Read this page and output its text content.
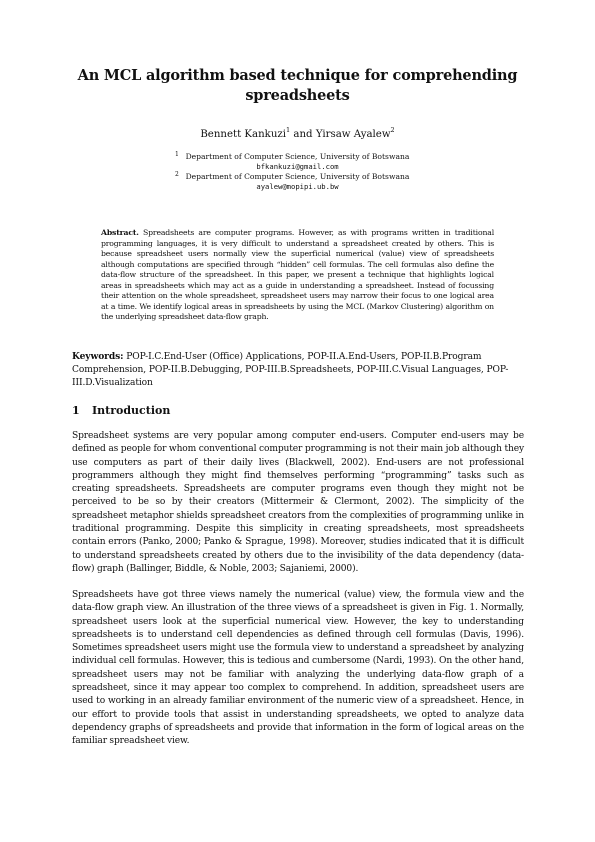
An MCL algorithm based technique for comprehending spreadsheets
Bennett Kankuzi$^1$ and Yirsaw Ayalew$^2$
1 Department of Computer Science, University of Botswana
bfkankuzi@gmail.com
2 Department of Computer Science, University of Botswana
ayalew@mopipi.ub.bw
Abstract. Spreadsheets are computer programs. However, as with programs written in traditional programming languages, it is very difficult to understand a spreadsheet created by others. This is because spreadsheet users normally view the superficial numerical (value) view of spreadsheets although computations are specified through “hidden” cell formulas. The cell formulas also define the data-flow structure of the spreadsheet. In this paper, we present a technique that highlights logical areas in spreadsheets which may act as a guide in understanding a spreadsheet. Instead of focussing their attention on the whole spreadsheet, spreadsheet users may narrow their focus to one logical area at a time. We identify logical areas in spreadsheets by using the MCL (Markov Clustering) algorithm on the underlying spreadsheet data-flow graph.
Keywords: POP-I.C.End-User (Office) Applications, POP-II.A.End-Users, POP-II.B.Program Comprehension, POP-II.B.Debugging, POP-III.B.Spreadsheets, POP-III.C.Visual Languages, POP-III.D.Visualization
1 Introduction
Spreadsheet systems are very popular among computer end-users. Computer end-users may be defined as people for whom conventional computer programming is not their main job although they use computers as part of their daily lives (Blackwell, 2002). End-users are not professional programmers although they might find themselves performing “programming” tasks such as creating spreadsheets. Spreadsheets are computer programs even though they might not be perceived to be so by their creators (Mittermeir & Clermont, 2002). The simplicity of the spreadsheet metaphor shields spreadsheet creators from the complexities of programming unlike in traditional programming. Despite this simplicity in creating spreadsheets, most spreadsheets contain errors (Panko, 2000; Panko & Sprague, 1998). Moreover, studies indicated that it is difficult to understand spreadsheets created by others due to the invisibility of the data dependency (data-flow) graph (Ballinger, Biddle, & Noble, 2003; Sajaniemi, 2000).
Spreadsheets have got three views namely the numerical (value) view, the formula view and the data-flow graph view. An illustration of the three views of a spreadsheet is given in Fig. 1. Normally, spreadsheet users look at the superficial numerical view. However, the key to understanding spreadsheets is to understand cell dependencies as defined through cell formulas (Davis, 1996). Sometimes spreadsheet users might use the formula view to understand a spreadsheet by analyzing individual cell formulas. However, this is tedious and cumbersome (Nardi, 1993). On the other hand, spreadsheet users may not be familiar with analyzing the underlying data-flow graph of a spreadsheet, since it may appear too complex to comprehend. In addition, spreadsheet users are used to working in an already familiar environment of the numeric view of a spreadsheet. Hence, in our effort to provide tools that assist in understanding spreadsheets, we opted to analyze data dependency graphs of spreadsheets and provide that information in the form of logical areas on the familiar spreadsheet view.
